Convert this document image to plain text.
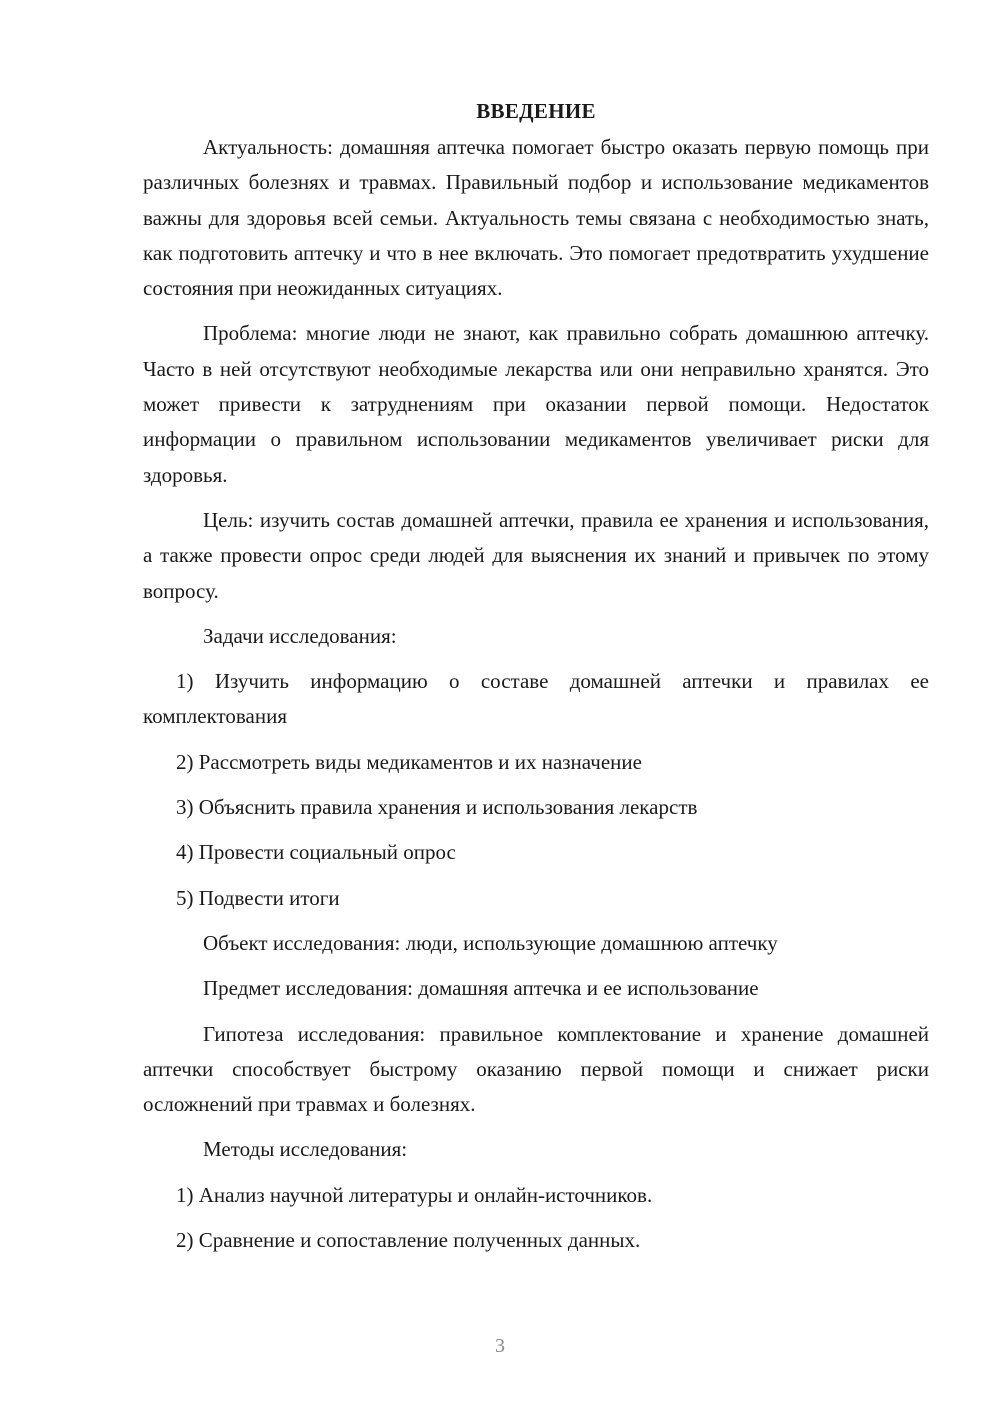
ВВЕДЕНИЕ

Актуальность: домашняя аптечка помогает быстро оказать первую помощь при различных болезнях и травмах. Правильный подбор и использование медикаментов важны для здоровья всей семьи. Актуальность темы связана с необходимостью знать, как подготовить аптечку и что в нее включать. Это помогает предотвратить ухудшение состояния при неожиданных ситуациях.

Проблема: многие люди не знают, как правильно собрать домашнюю аптечку. Часто в ней отсутствуют необходимые лекарства или они неправильно хранятся. Это может привести к затруднениям при оказании первой помощи. Недостаток информации о правильном использовании медикаментов увеличивает риски для здоровья.

Цель: изучить состав домашней аптечки, правила ее хранения и использования, а также провести опрос среди людей для выяснения их знаний и привычек по этому вопросу.

Задачи исследования:

1) Изучить информацию о составе домашней аптечки и правилах ее комплектования

2) Рассмотреть виды медикаментов и их назначение

3) Объяснить правила хранения и использования лекарств

4) Провести социальный опрос

5) Подвести итоги

Объект исследования: люди, использующие домашнюю аптечку

Предмет исследования: домашняя аптечка и ее использование

Гипотеза исследования: правильное комплектование и хранение домашней аптечки способствует быстрому оказанию первой помощи и снижает риски осложнений при травмах и болезнях.

Методы исследования:

1) Анализ научной литературы и онлайн-источников.

2) Сравнение и сопоставление полученных данных.

3
